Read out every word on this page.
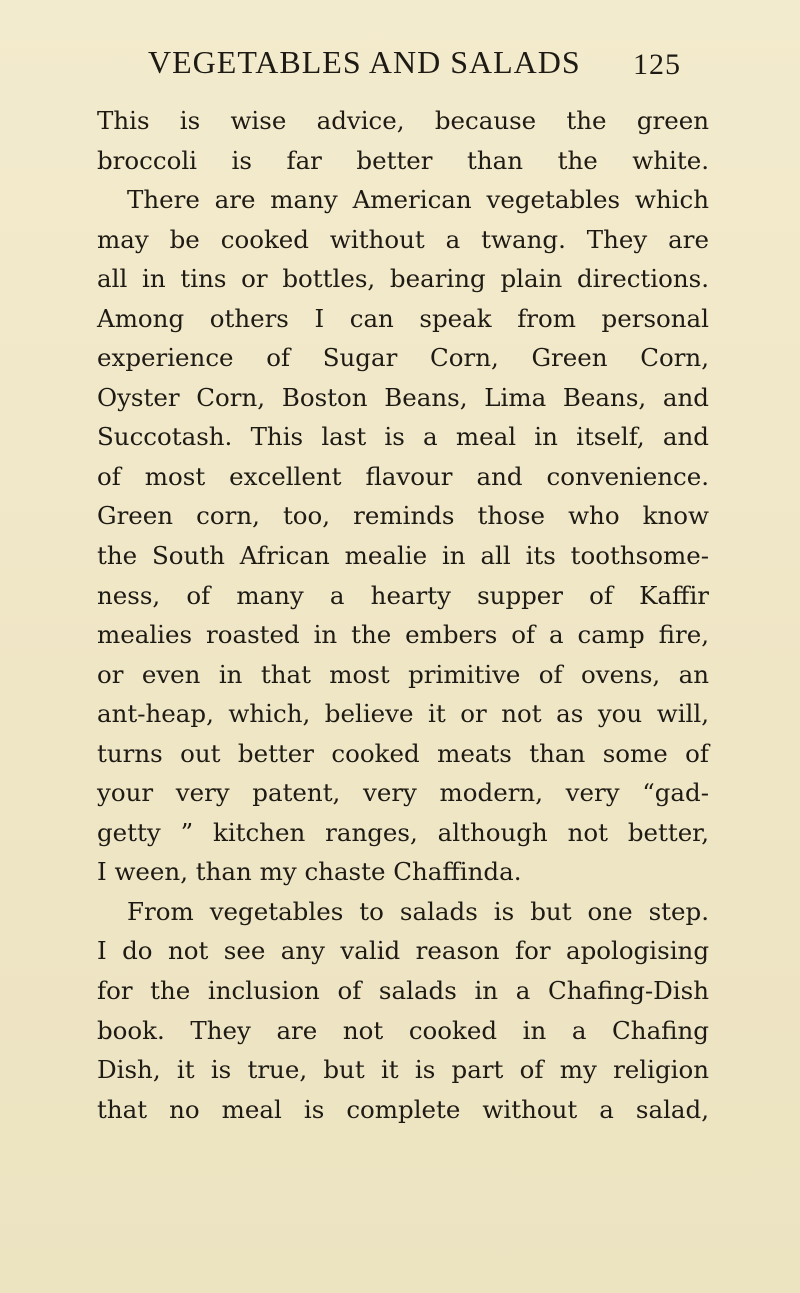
VEGETABLES AND SALADS 125
This is wise advice, because the green
broccoli is far better than the white.
There are many American vegetables which
may be cooked without a twang. They are
all in tins or bottles, bearing plain directions.
Among others I can speak from personal
experience of Sugar Corn, Green Corn,
Oyster Corn, Boston Beans, Lima Beans, and
Succotash. This last is a meal in itself, and
of most excellent flavour and convenience.
Green corn, too, reminds those who know
the South African mealie in all its toothsome-
ness, of many a hearty supper of Kaffir
mealies roasted in the embers of a camp fire,
or even in that most primitive of ovens, an
ant-heap, which, believe it or not as you will,
turns out better cooked meats than some of
your very patent, very modern, very “gad-
getty ” kitchen ranges, although not better,
I ween, than my chaste Chaffinda.
From vegetables to salads is but one step.
I do not see any valid reason for apologising
for the inclusion of salads in a Chafing-Dish
book. They are not cooked in a Chafing
Dish, it is true, but it is part of my religion
that no meal is complete without a salad,
